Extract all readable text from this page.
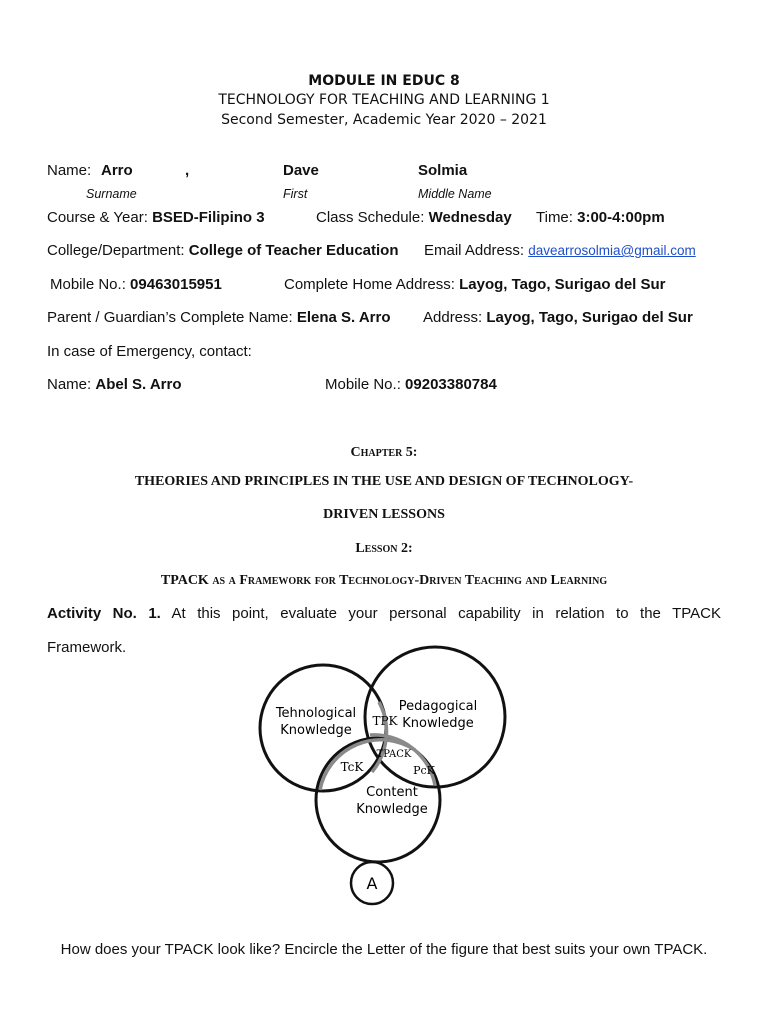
MODULE IN EDUC 8
TECHNOLOGY FOR TEACHING AND LEARNING 1
Second Semester, Academic Year 2020 – 2021
Name: Arro	,	Dave	Solmia
Surname	First	Middle Name
Course & Year: BSED-Filipino 3	Class Schedule: Wednesday Time: 3:00-4:00pm
College/Department: College of Teacher Education Email Address: davearrosolmia@gmail.com
Mobile No.: 09463015951	Complete Home Address: Layog, Tago, Surigao del Sur
Parent / Guardian’s Complete Name: Elena S. Arro Address: Layog, Tago, Surigao del Sur
In case of Emergency, contact:
Name: Abel S. Arro	Mobile No.: 09203380784
Chapter 5:
THEORIES AND PRINCIPLES IN THE USE AND DESIGN OF TECHNOLOGY-
DRIVEN LESSONS
Lesson 2:
TPACK as a Framework for Technology-Driven Teaching and Learning
Activity No. 1. At this point, evaluate your personal capability in relation to the TPACK
Framework.
Tehnological
Knowledge
Pedagogical
Knowledge
Content
Knowledge
TPK
TPACK
TcK	PcK
A
How does your TPACK look like? Encircle the Letter of the figure that best suits your own TPACK.
